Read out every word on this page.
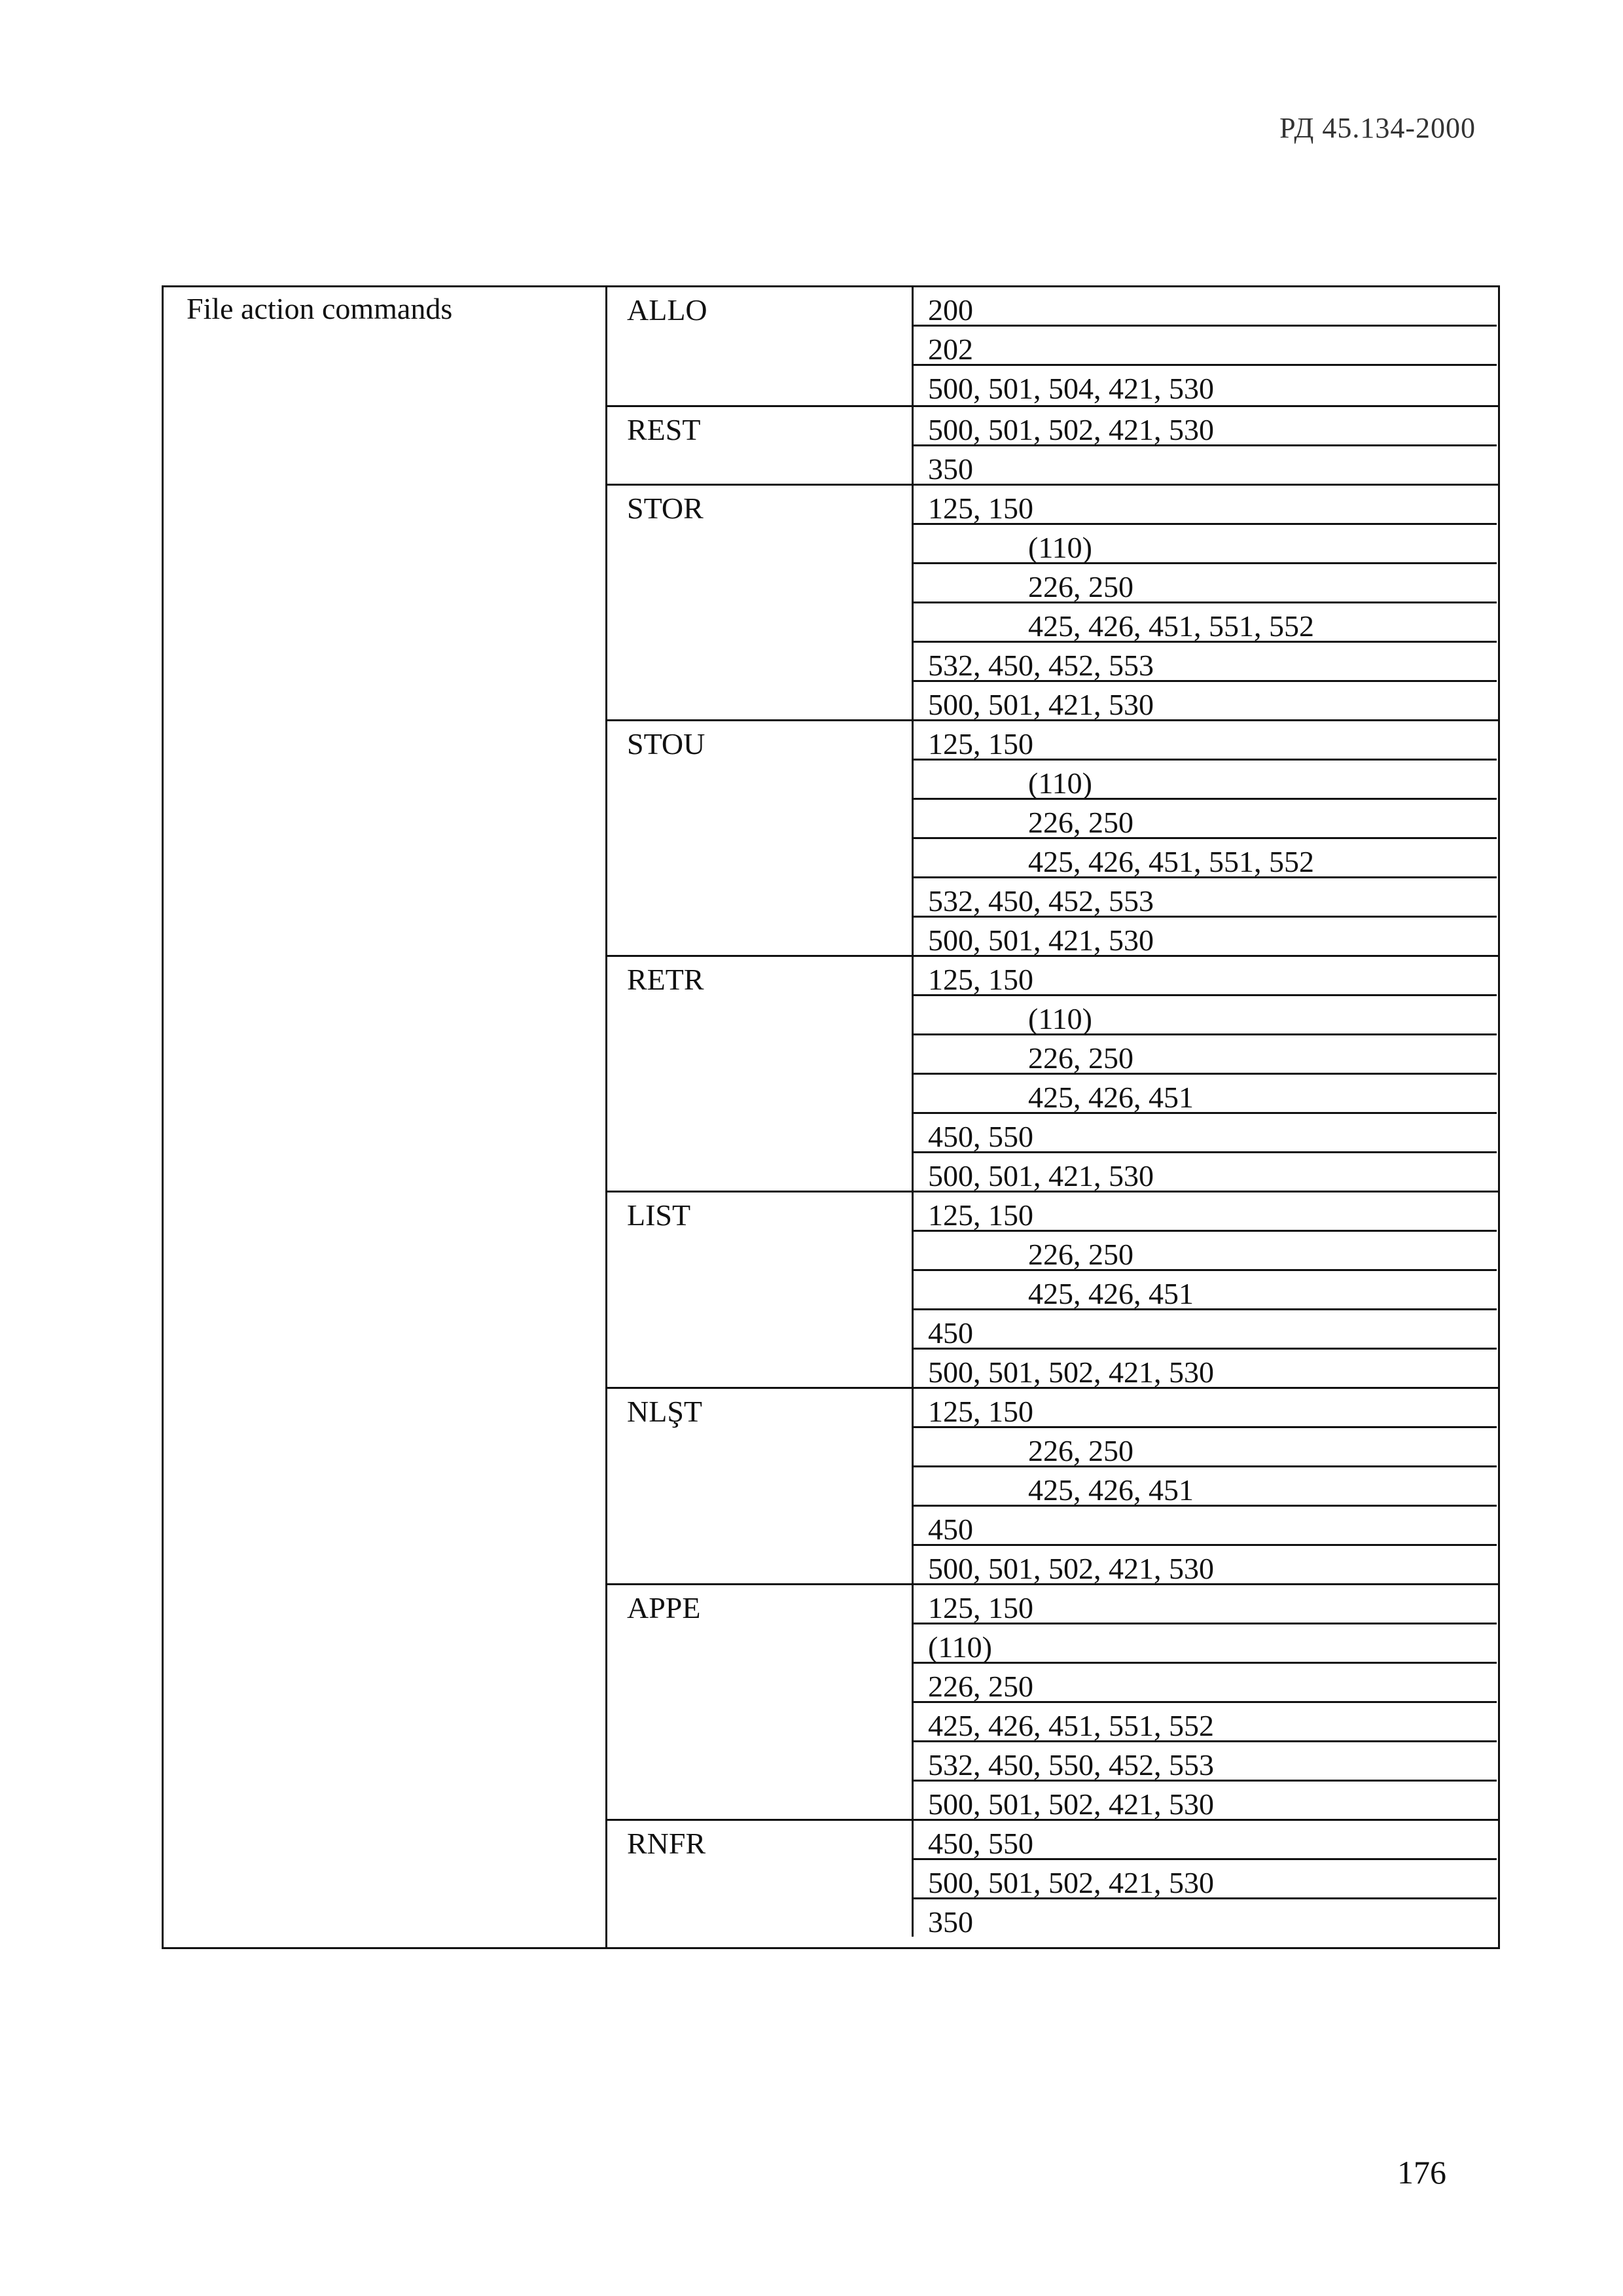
РД 45.134-2000
File action commands	ALLO	200
202
500, 501, 504, 421, 530
REST	500, 501, 502, 421, 530
350
STOR	125, 150
(110)
226, 250
425, 426, 451, 551, 552
532, 450, 452, 553
500, 501, 421, 530
STOU	125, 150
(110)
226, 250
425, 426, 451, 551, 552
532, 450, 452, 553
500, 501, 421, 530
RETR	125, 150
(110)
226, 250
425, 426, 451
450, 550
500, 501, 421, 530
LIST	125, 150
226, 250
425, 426, 451
450
500, 501, 502, 421, 530
NLŞT	125, 150
226, 250
425, 426, 451
450
500, 501, 502, 421, 530
APPE	125, 150
(110)
226, 250
425, 426, 451, 551, 552
532, 450, 550, 452, 553
500, 501, 502, 421, 530
RNFR	450, 550
500, 501, 502, 421, 530
350
176
